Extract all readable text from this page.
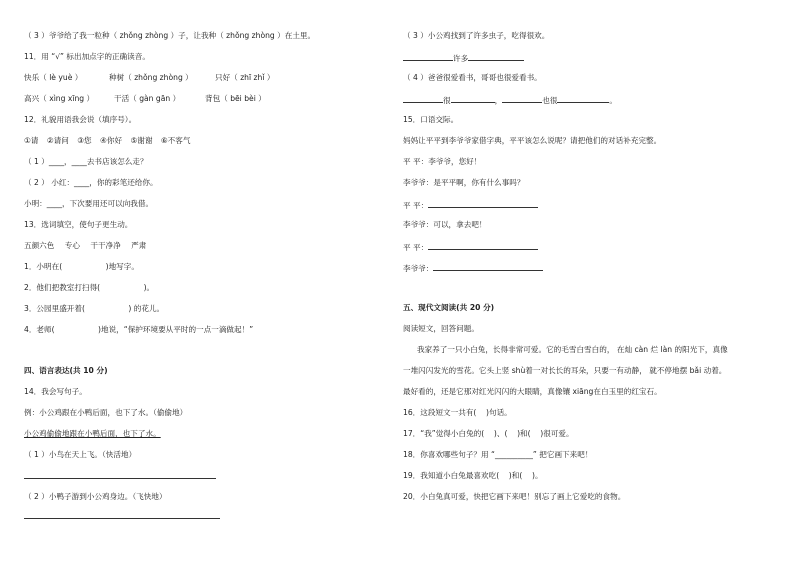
（ 3 ）爷爷给了我一粒种（ zhǒng zhòng ）子，让我种（ zhǒng zhòng ）在土里。
11．用 “√” 标出加点字的正确读音。
快乐（ lè yuè ）	种树（ zhǒng zhòng ）	只好（ zhī zhǐ ）
高兴（ xìng xīng ）	干活（ gàn gān ）	背包（ bēi bèi ）
12．礼貌用语我会说（填序号）。
①请 ②请问 ③您 ④你好 ⑤谢谢 ⑥不客气
（ 1 ）____，____去书店该怎么走？
（ 2 ） 小红：____，你的彩笔还给你。
小明：____，下次要用还可以向我借。
13．选词填空，使句子更生动。
五颜六色 专心 干干净净 严肃
1．小明在(                  )地写字。
2．他们把教室打扫得(                  )。
3．公园里盛开着(                  ) 的花儿。
4．老师(                  )地说，“保护环境要从平时的一点一滴做起！”
四、语言表达(共 10 分)
14．我会写句子。
例：小公鸡跟在小鸭后面，也下了水。（偷偷地）
小公鸡偷偷地跟在小鸭后面，也下了水。
（ 1 ）小鸟在天上飞。（快活地）
（ 2 ）小鸭子游到小公鸡身边。（飞快地）
（ 3 ）小公鸡找到了许多虫子，吃得很欢。
许多
（ 4 ）爸爸很爱看书，哥哥也很爱看书。
很	，	也很	。
15．口语交际。
妈妈让平平到李爷爷家借字典，平平该怎么说呢？请把他们的对话补充完整。
平 平：李爷爷，您好！
李爷爷：是平平啊，你有什么事吗？
平 平：
李爷爷：可以，拿去吧！
平 平：
李爷爷：
五、现代文阅读(共 20 分)
阅读短文，回答问题。
我家养了一只小白兔，长得非常可爱。它的毛雪白雪白的， 在灿 càn 烂 làn 的阳光下，真像
一堆闪闪发光的雪花。它头上竖 shù着一对长长的耳朵，只要一有动静， 就不停地摆 bǎi 动着。
最好看的，还是它那对红光闪闪的大眼睛，真像镶 xiāng在白玉里的红宝石。
16．这段短文一共有(    )句话。
17．“我”觉得小白兔的(    )、(    )和(    )很可爱。
18．你喜欢哪些句子？用 “__________” 把它画下来吧！
19．我知道小白兔最喜欢吃(    )和(    )。
20．小白兔真可爱，快把它画下来吧！别忘了画上它爱吃的食物。
